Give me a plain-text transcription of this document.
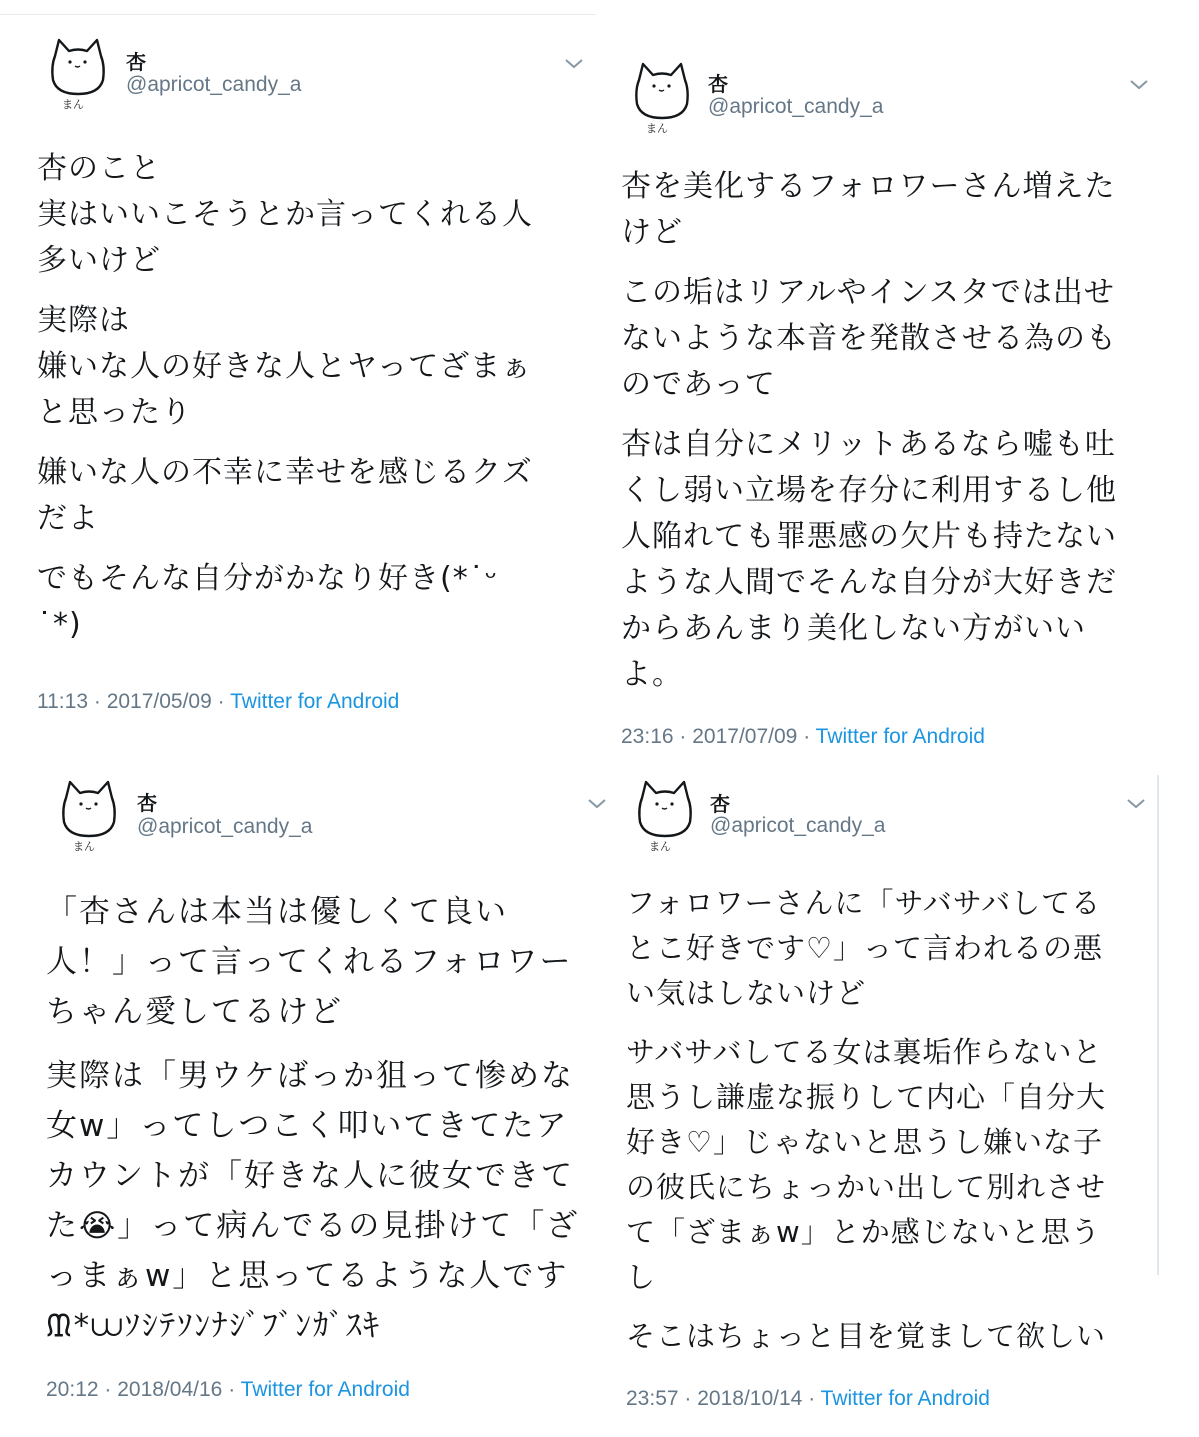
まん
杏
@apricot_candy_a

杏のこと
実はいいこそうとか言ってくれる人
多いけど

実際は
嫌いな人の好きな人とヤってざまぁ
と思ったり

嫌いな人の不幸に幸せを感じるクズ
だよ

でもそんな自分がかなり好き(*˙ᵕ
˙*)

11:13 · 2017/05/09 · Twitter for Android
まん
杏
@apricot_candy_a

杏を美化するフォロワーさん増えた
けど

この垢はリアルやインスタでは出せ
ないような本音を発散させる為のも
のであって

杏は自分にメリットあるなら嘘も吐
くし弱い立場を存分に利用するし他
人陥れても罪悪感の欠片も持たない
ような人間でそんな自分が大好きだ
からあんまり美化しない方がいい
よ。

23:16 · 2017/07/09 · Twitter for Android
まん
杏
@apricot_candy_a

「杏さんは本当は優しくて良い
人！」って言ってくれるフォロワー
ちゃん愛してるけど

実際は「男ウケばっか狙って惨めな
女w」ってしつこく叩いてきてたア
カウントが「好きな人に彼女できて
た😭」って病んでるの見掛けて「ざ
っまぁw」と思ってるような人です
ᙢ*⩊ｿｼﾃｿﾝﾅｼﾞﾌﾞﾝｶﾞｽｷ

20:12 · 2018/04/16 · Twitter for Android
まん
杏
@apricot_candy_a

フォロワーさんに「サバサバしてる
とこ好きです♡」って言われるの悪
い気はしないけど

サバサバしてる女は裏垢作らないと
思うし謙虚な振りして内心「自分大
好き♡」じゃないと思うし嫌いな子
の彼氏にちょっかい出して別れさせ
て「ざまぁw」とか感じないと思う
し

そこはちょっと目を覚まして欲しい

23:57 · 2018/10/14 · Twitter for Android
